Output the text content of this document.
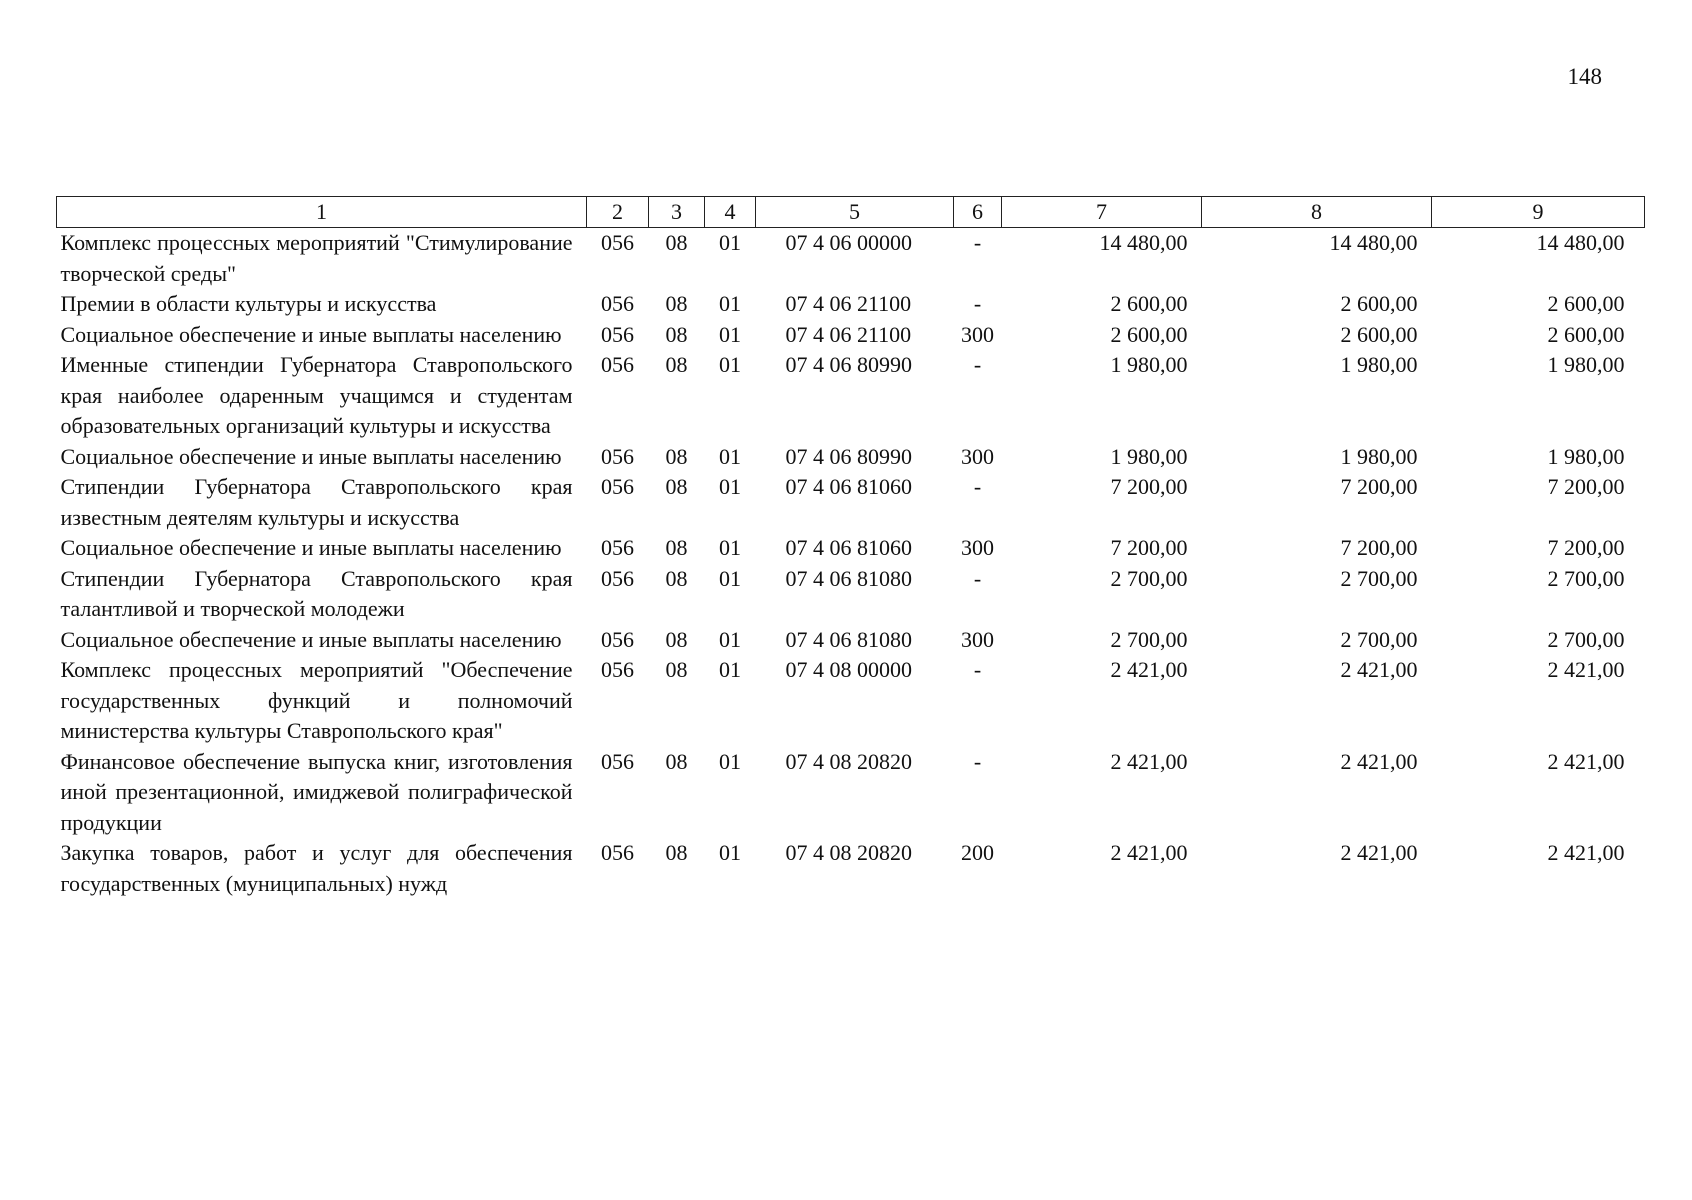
148
1	2	3	4	5	6	7	8	9
Комплекс процессных мероприятий "Стимулирование творческой среды"	056	08	01	07 4 06 00000	-	14 480,00	14 480,00	14 480,00
Премии в области культуры и искусства	056	08	01	07 4 06 21100	-	2 600,00	2 600,00	2 600,00
Социальное обеспечение и иные выплаты населению	056	08	01	07 4 06 21100	300	2 600,00	2 600,00	2 600,00
Именные стипендии Губернатора Ставропольского края наиболее одаренным учащимся и студентам образовательных организаций культуры и искусства	056	08	01	07 4 06 80990	-	1 980,00	1 980,00	1 980,00
Социальное обеспечение и иные выплаты населению	056	08	01	07 4 06 80990	300	1 980,00	1 980,00	1 980,00
Стипендии Губернатора Ставропольского края известным деятелям культуры и искусства	056	08	01	07 4 06 81060	-	7 200,00	7 200,00	7 200,00
Социальное обеспечение и иные выплаты населению	056	08	01	07 4 06 81060	300	7 200,00	7 200,00	7 200,00
Стипендии Губернатора Ставропольского края талантливой и творческой молодежи	056	08	01	07 4 06 81080	-	2 700,00	2 700,00	2 700,00
Социальное обеспечение и иные выплаты населению	056	08	01	07 4 06 81080	300	2 700,00	2 700,00	2 700,00
Комплекс процессных мероприятий "Обеспечение государственных функций и полномочий министерства культуры Ставропольского края"	056	08	01	07 4 08 00000	-	2 421,00	2 421,00	2 421,00
Финансовое обеспечение выпуска книг, изготовления иной презентационной, имиджевой полиграфической продукции	056	08	01	07 4 08 20820	-	2 421,00	2 421,00	2 421,00
Закупка товаров, работ и услуг для обеспечения государственных (муниципальных) нужд	056	08	01	07 4 08 20820	200	2 421,00	2 421,00	2 421,00
